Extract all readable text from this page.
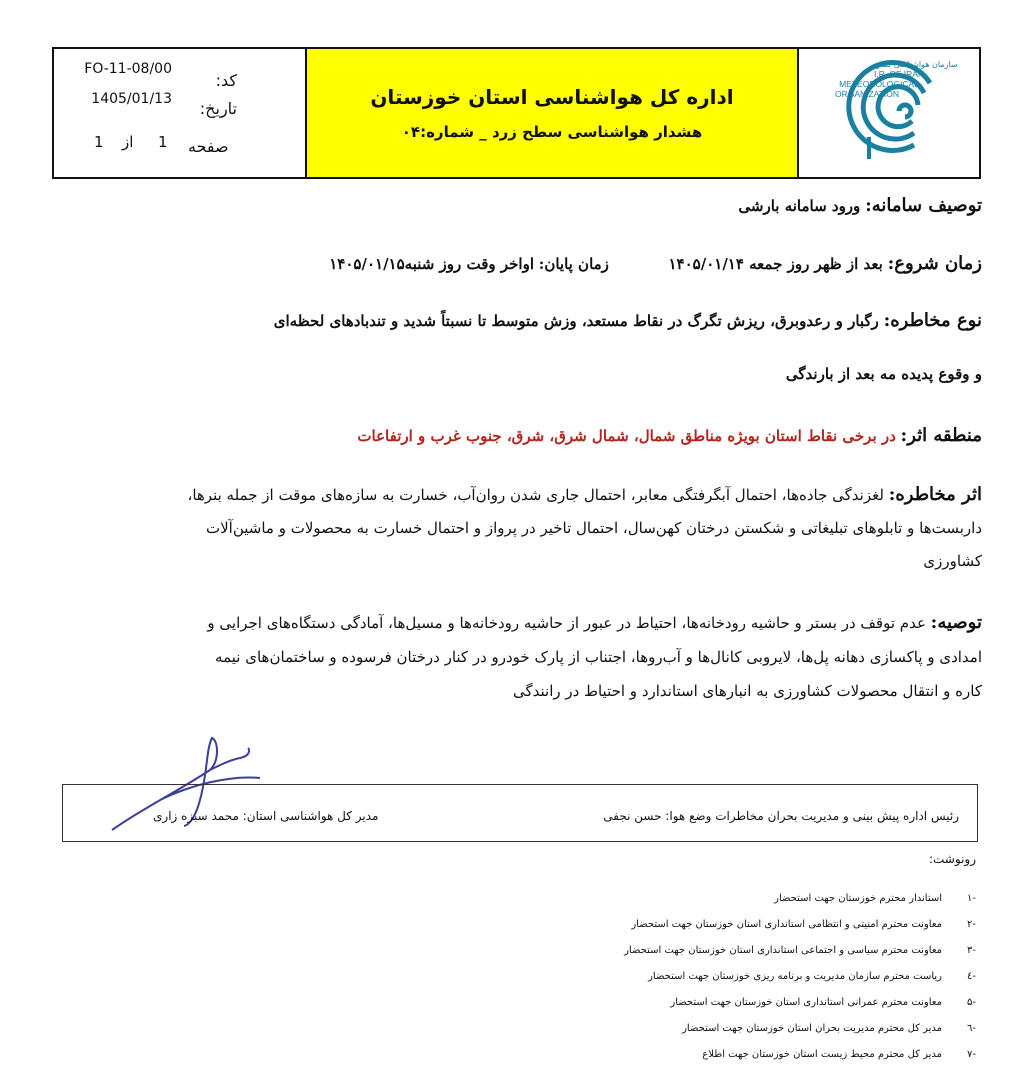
FO-11-08/00
کد:
1405/01/13 تاریخ:
1 از 1 صفحه
اداره کل هواشناسی استان خوزستان
هشدار هواشناسی سطح زرد _ شماره:۰۴
سازمان هواشناسی کشور
I.R. OF IRAN
METEOROLOGICAL
ORGANIZATION
توصیف سامانه: ورود سامانه بارشی
زمان شروع: بعد از ظهر روز جمعه ۱۴۰۵/۰۱/۱۴  زمان پایان: اواخر وقت روز شنبه۱۴۰۵/۰۱/۱۵
نوع مخاطره: رگبار و رعدوبرق، ریزش تگرگ در نقاط مستعد، وزش متوسط تا نسبتاً شدید و تندبادهای لحظه‌ای
و وقوع پدیده مه بعد از بارندگی
منطقه اثر: در برخی نقاط استان بویژه مناطق شمال، شمال شرق، شرق، جنوب غرب و ارتفاعات
اثر مخاطره: لغزندگی جاده‌ها، احتمال آبگرفتگی معابر، احتمال جاری شدن روان‌آب، خسارت به سازه‌های موقت از جمله بنرها،
داربست‌ها و تابلوهای تبلیغاتی و شکستن درختان کهن‌سال، احتمال تاخیر در پرواز و احتمال خسارت به محصولات و ماشین‌آلات
کشاورزی
توصیه: عدم توقف در بستر و حاشیه رودخانه‌ها، احتیاط در عبور از حاشیه رودخانه‌ها و مسیل‌ها، آمادگی دستگاه‌های اجرایی و
امدادی و پاکسازی دهانه پل‌ها، لایروبی کانال‌ها و آب‌روها، اجتناب از پارک خودرو در کنار درختان فرسوده و ساختمان‌های نیمه
کاره و انتقال محصولات کشاورزی به انبارهای استاندارد و احتیاط در رانندگی
رئیس اداره پیش بینی و مدیریت بحران مخاطرات وضع هوا: حسن نجفی
مدیر کل هواشناسی استان: محمد سبزه زاری
رونوشت:
-۱استاندار محترم خوزستان جهت استحضار
-۲معاونت محترم امنیتی و انتظامی استانداری استان خوزستان جهت استحضار
-۳معاونت محترم سیاسی و اجتماعی استانداری استان خوزستان جهت استحضار
-٤ریاست محترم سازمان مدیریت و برنامه ریزی خوزستان جهت استحضار
-۵معاونت محترم عمرانی استانداری استان خوزستان جهت استحضار
-٦مدیر کل محترم مدیریت بحران استان خوزستان جهت استحضار
-۷مدیر کل محترم محیط زیست استان خوزستان جهت اطلاع
